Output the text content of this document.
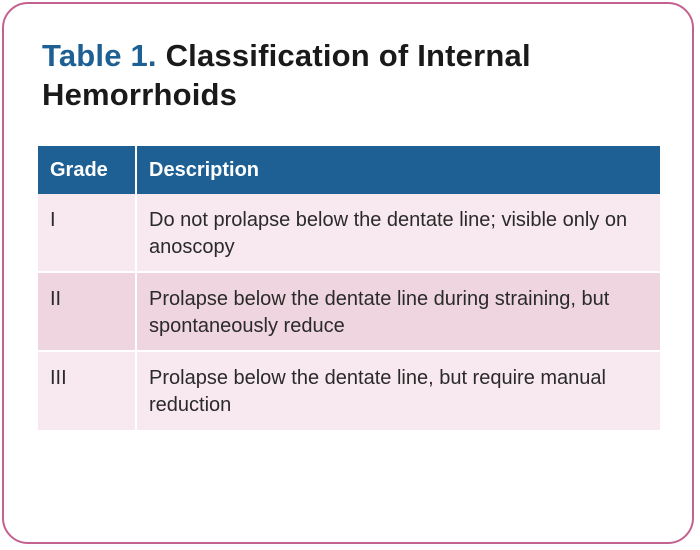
Table 1. Classification of Internal Hemorrhoids
Grade	Description
I	Do not prolapse below the dentate line; visible only on anoscopy
II	Prolapse below the dentate line during straining, but spontaneously reduce
III	Prolapse below the dentate line, but require manual reduction
